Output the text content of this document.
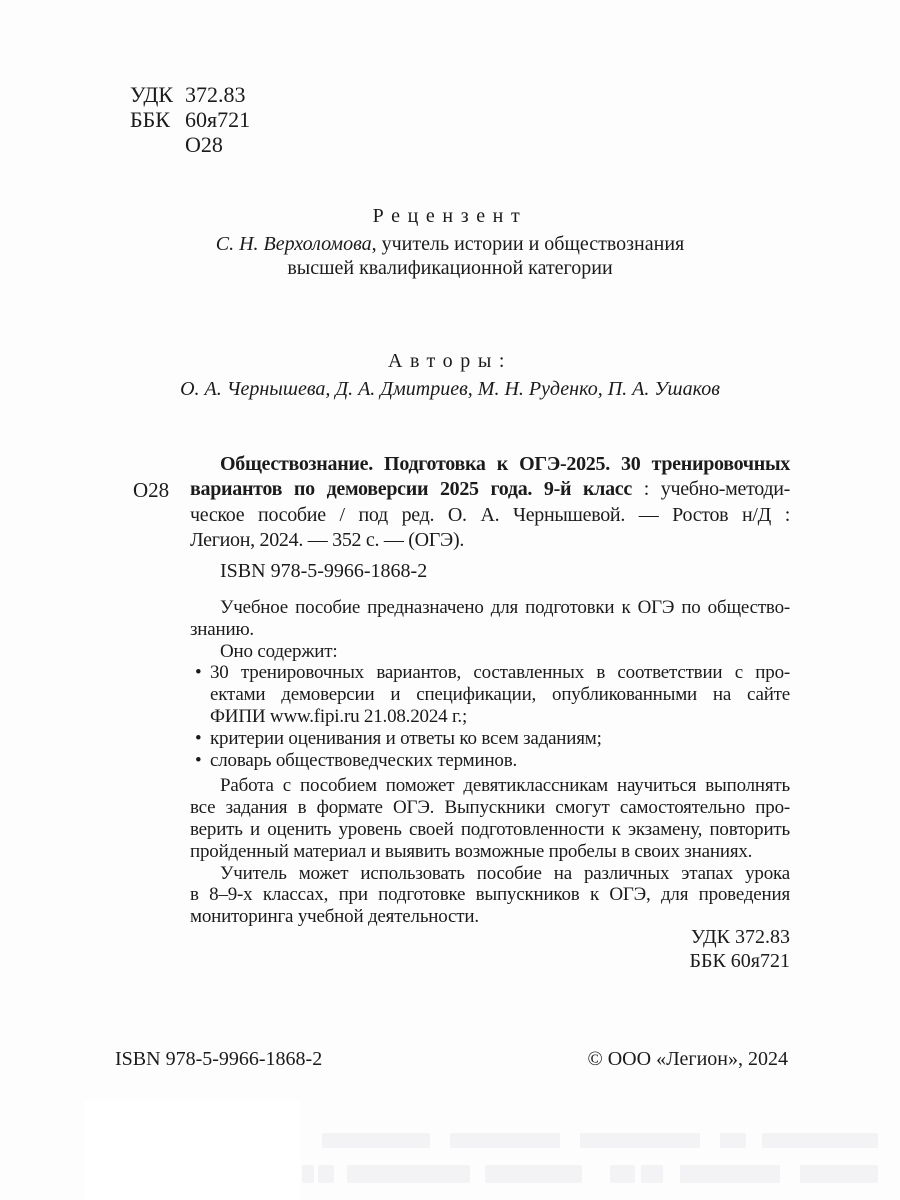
УДК 372.83
ББК 60я721
О28
Рецензент
С. Н. Верхоломова, учитель истории и обществознания
высшей квалификационной категории
Авторы:
О. А. Чернышева, Д. А. Дмитриев, М. Н. Руденко, П. А. Ушаков
О28
Обществознание. Подготовка к ОГЭ-2025. 30 тренировочных
вариантов по демоверсии 2025 года. 9-й класс : учебно-методи-
ческое пособие / под ред. О. А. Чернышевой. — Ростов н/Д :
Легион, 2024. — 352 с. — (ОГЭ).
ISBN 978-5-9966-1868-2
Учебное пособие предназначено для подготовки к ОГЭ по общество-
знанию.
Оно содержит:
• 30 тренировочных вариантов, составленных в соответствии с про-
ектами демоверсии и спецификации, опубликованными на сайте
ФИПИ www.fipi.ru 21.08.2024 г.;
• критерии оценивания и ответы ко всем заданиям;
• словарь обществоведческих терминов.
Работа с пособием поможет девятиклассникам научиться выполнять
все задания в формате ОГЭ. Выпускники смогут самостоятельно про-
верить и оценить уровень своей подготовленности к экзамену, повторить
пройденный материал и выявить возможные пробелы в своих знаниях.
Учитель может использовать пособие на различных этапах урока
в 8–9-х классах, при подготовке выпускников к ОГЭ, для проведения
мониторинга учебной деятельности.
УДК 372.83
ББК 60я721
ISBN 978-5-9966-1868-2	© ООО «Легион», 2024
